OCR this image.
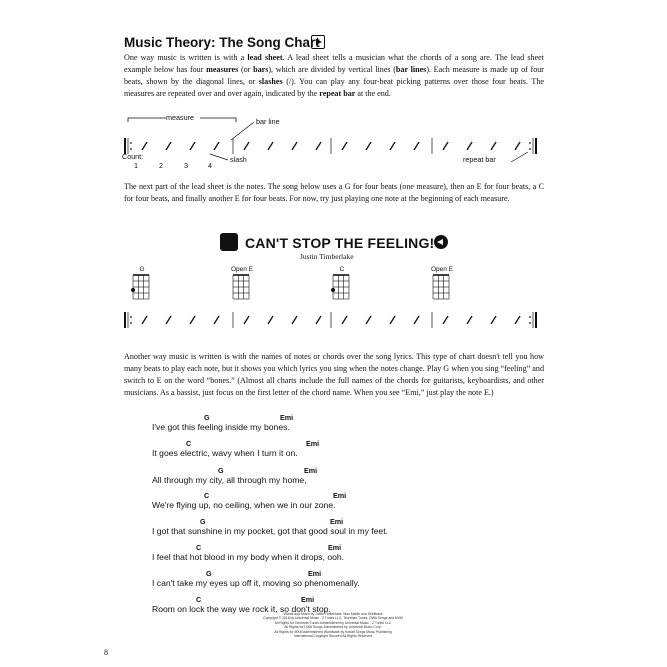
Music Theory: The Song Chart
One way music is written is with a lead sheet. A lead sheet tells a musician what the chords of a song are. The lead sheet example below has four measures (or bars), which are divided by vertical lines (bar lines). Each measure is made up of four beats, shown by the diagonal lines, or slashes (/). You can play any four-beat picking patterns over those four beats. The measures are repeated over and over again, indicated by the repeat bar at the end.
measure	bar line
Count:
1	2	3	4
slash	repeat bar
The next part of the lead sheet is the notes. The song below uses a G for four beats (one measure), then an E for four beats, a C for four beats, and finally another E for four beats. For now, try just playing one note at the beginning of each measure.
CAN'T STOP THE FEELING!
Justin Timberlake
G	Open E	C	Open E
Another way music is written is with the names of notes or chords over the song lyrics. This type of chart doesn't tell you how many beats to play each note, but it shows you which lyrics you sing when the notes change. Play G when you sing “feeling” and switch to E on the word “bones.” (Almost all charts include the full names of the chords for guitarists, keyboardists, and other musicians. As a bassist, just focus on the first letter of the chord name. When you see “Emi,” just play the note E.)
G	Emi
I've got this feeling inside my bones.
C	Emi
It goes electric, wavy when I turn it on.
G	Emi
All through my city, all through my home,
C	Emi
We're flying up, no ceiling, when we in our zone.
G	Emi
I got that sunshine in my pocket, got that good soul in my feet.
C	Emi
I feel that hot blood in my body when it drops, ooh.
G	Emi
I can't take my eyes up off it, moving so phenomenally.
C	Emi
Room on lock the way we rock it, so don't stop.
Words and Music by Justin Timberlake, Max Martin and Shellback
Copyright © 2016 by Universal Music - Z Tunes LLC, Tennman Tunes, DWA Songs and MXM
All Rights for Tennman Tunes Administered by Universal Music - Z Tunes LLC
All Rights for DWA Songs Administered by Universal Music Corp.
All Rights for MXM Administered Worldwide by Kobalt Songs Music Publishing
International Copyright Secured All Rights Reserved
8
